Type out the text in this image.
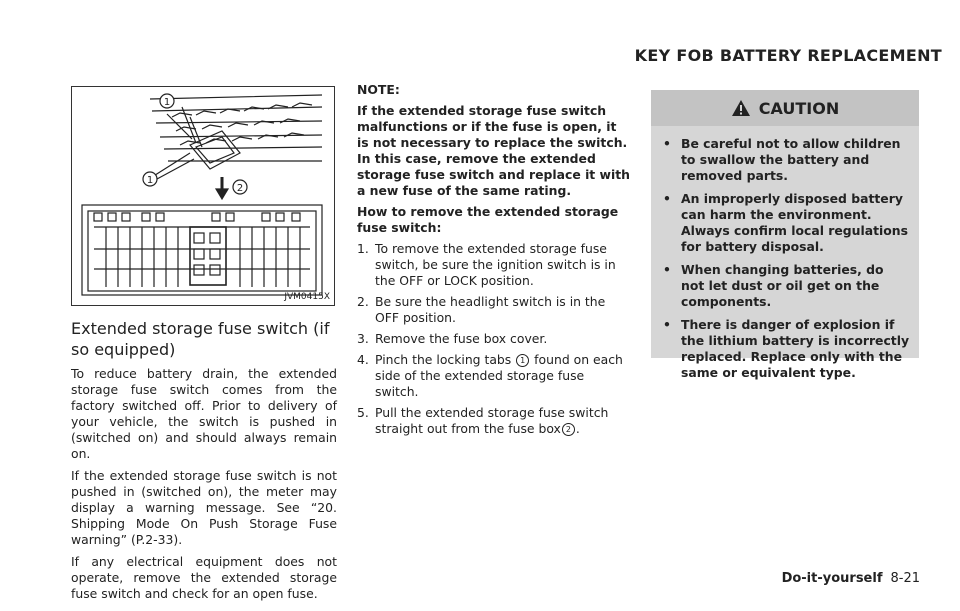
KEY FOB BATTERY REPLACEMENT
1
1
2
JVM0415X
Extended storage fuse switch (if so equipped)

To reduce battery drain, the extended storage fuse switch comes from the factory switched off. Prior to delivery of your vehicle, the switch is pushed in (switched on) and should always remain on.

If the extended storage fuse switch is not pushed in (switched on), the meter may display a warning message. See “20. Shipping Mode On Push Storage Fuse warning” (P.2-33).

If any electrical equipment does not operate, remove the extended storage fuse switch and check for an open fuse.

NOTE:

If the extended storage fuse switch malfunctions or if the fuse is open, it is not necessary to replace the switch. In this case, remove the extended storage fuse switch and replace it with a new fuse of the same rating.

How to remove the extended storage fuse switch:

1. To remove the extended storage fuse switch, be sure the ignition switch is in the OFF or LOCK position.
2. Be sure the headlight switch is in the OFF position.
3. Remove the fuse box cover.
4. Pinch the locking tabs 1 found on each side of the extended storage fuse switch.
5. Pull the extended storage fuse switch straight out from the fuse box 2 .
CAUTION
• Be careful not to allow children to swallow the battery and removed parts.
• An improperly disposed battery can harm the environment. Always confirm local regulations for battery disposal.
• When changing batteries, do not let dust or oil get on the components.
• There is danger of explosion if the lithium battery is incorrectly replaced. Replace only with the same or equivalent type.
Do-it-yourself 8-21
